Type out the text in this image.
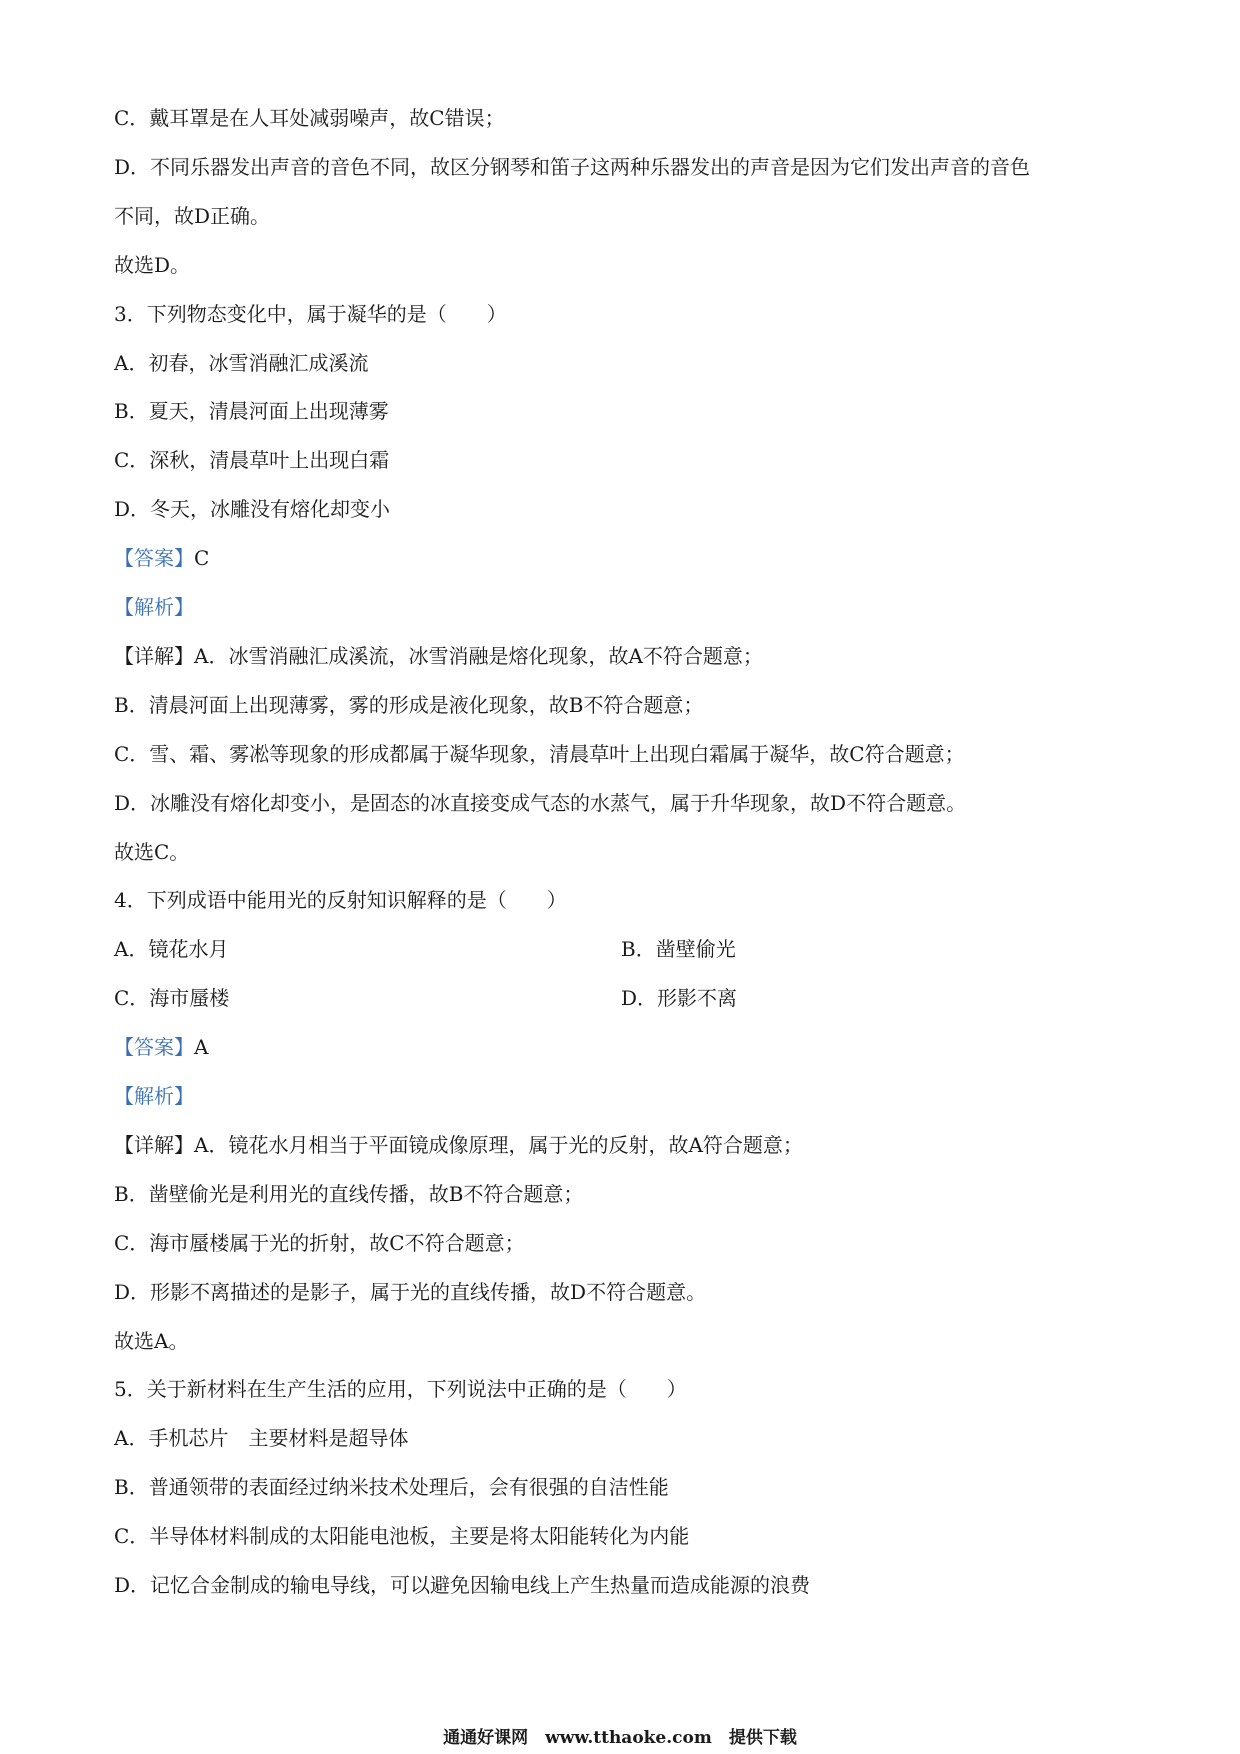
C．戴耳罩是在人耳处减弱噪声，故C错误；
D．不同乐器发出声音的音色不同，故区分钢琴和笛子这两种乐器发出的声音是因为它们发出声音的音色
不同，故D正确。
故选D。
3．下列物态变化中，属于凝华的是（　　）
A．初春，冰雪消融汇成溪流
B．夏天，清晨河面上出现薄雾
C．深秋，清晨草叶上出现白霜
D．冬天，冰雕没有熔化却变小
【答案】C
【解析】
【详解】A．冰雪消融汇成溪流，冰雪消融是熔化现象，故A不符合题意；
B．清晨河面上出现薄雾，雾的形成是液化现象，故B不符合题意；
C．雪、霜、雾凇等现象的形成都属于凝华现象，清晨草叶上出现白霜属于凝华，故C符合题意；
D．冰雕没有熔化却变小，是固态的冰直接变成气态的水蒸气，属于升华现象，故D不符合题意。
故选C。
4．下列成语中能用光的反射知识解释的是（　　）
A．镜花水月	B．凿壁偷光
C．海市蜃楼	D．形影不离
【答案】A
【解析】
【详解】A．镜花水月相当于平面镜成像原理，属于光的反射，故A符合题意；
B．凿壁偷光是利用光的直线传播，故B不符合题意；
C．海市蜃楼属于光的折射，故C不符合题意；
D．形影不离描述的是影子，属于光的直线传播，故D不符合题意。
故选A。
5．关于新材料在生产生活的应用，下列说法中正确的是（　　）
A．手机芯片　主要材料是超导体
B．普通领带的表面经过纳米技术处理后，会有很强的自洁性能
C．半导体材料制成的太阳能电池板，主要是将太阳能转化为内能
D．记忆合金制成的输电导线，可以避免因输电线上产生热量而造成能源的浪费
通通好课网　www.tthaoke.com　提供下载
